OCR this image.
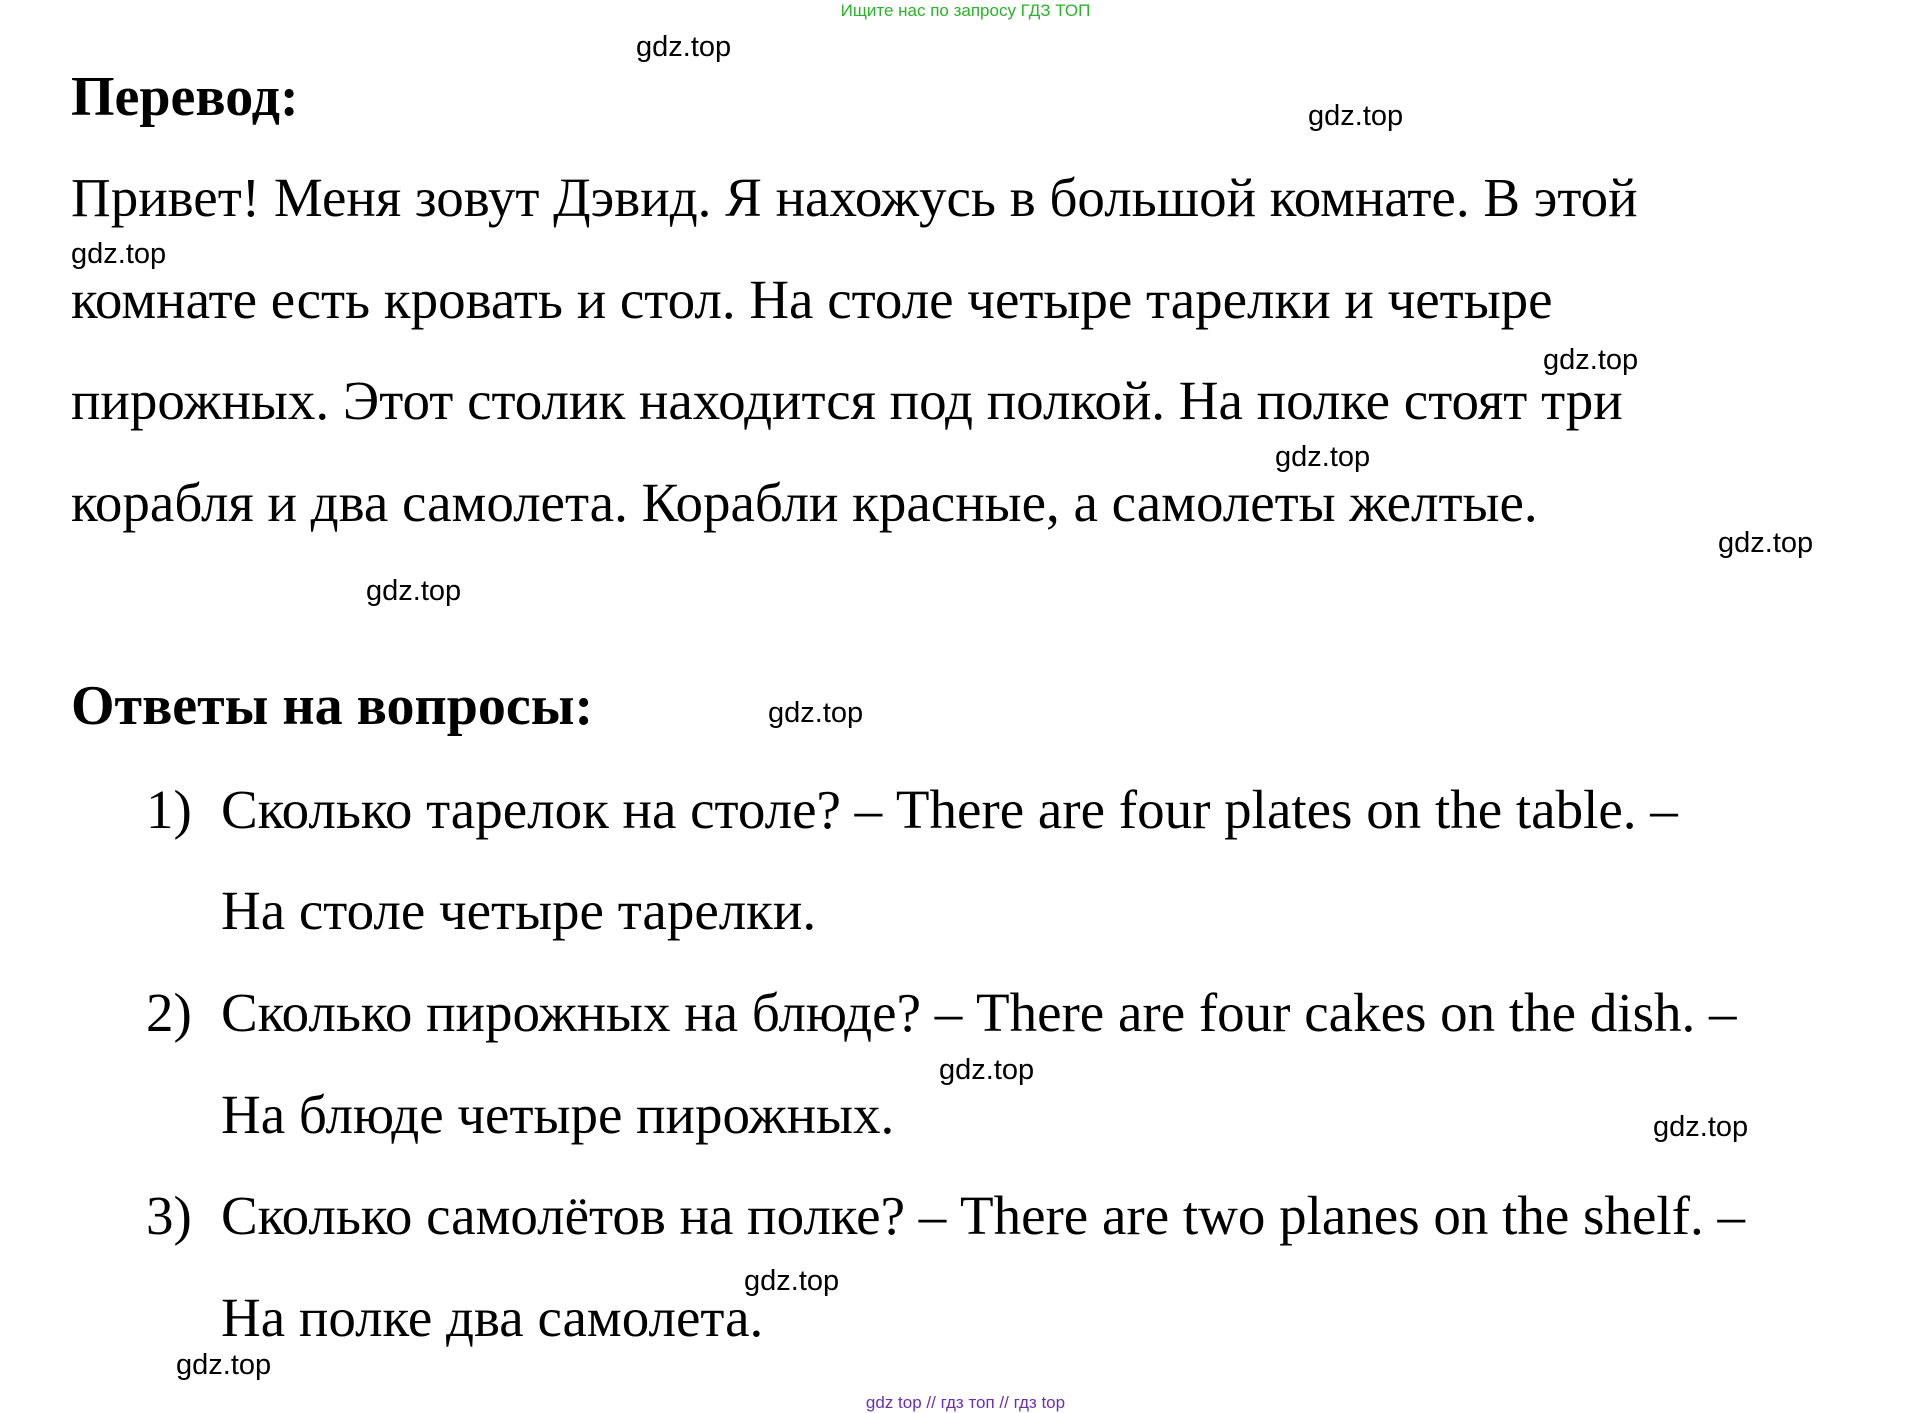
Ищите нас по запросу ГДЗ ТОП
Перевод:
Привет! Меня зовут Дэвид. Я нахожусь в большой комнате. В этой
комнате есть кровать и стол. На столе четыре тарелки и четыре
пирожных. Этот столик находится под полкой. На полке стоят три
корабля и два самолета. Корабли красные, а самолеты желтые.
Ответы на вопросы:
1) Сколько тарелок на столе? – There are four plates on the table. –
На столе четыре тарелки.
2) Сколько пирожных на блюде? – There are four cakes on the dish. –
На блюде четыре пирожных.
3) Сколько самолётов на полке? – There are two planes on the shelf. –
На полке два самолета.
gdz.top
gdz.top
gdz.top
gdz.top
gdz.top
gdz.top
gdz.top
gdz.top
gdz.top
gdz.top
gdz.top
gdz.top
gdz top // гдз топ // гдз top
